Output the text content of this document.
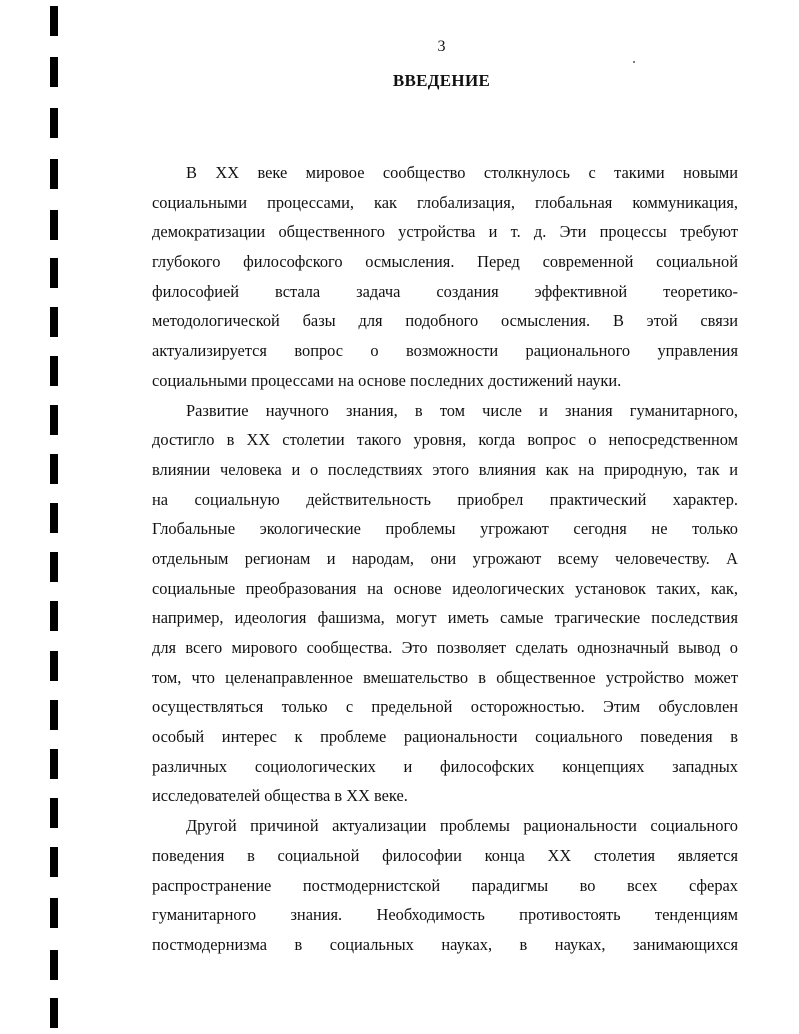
3
ВВЕДЕНИЕ
В XX веке мировое сообщество столкнулось с такими новыми
социальными процессами, как глобализация, глобальная коммуникация,
демократизации общественного устройства и т. д. Эти процессы требуют
глубокого философского осмысления. Перед современной социальной
философией встала задача создания эффективной теоретико-
методологической базы для подобного осмысления. В этой связи
актуализируется вопрос о возможности рационального управления
социальными процессами на основе последних достижений науки.
Развитие научного знания, в том числе и знания гуманитарного,
достигло в XX столетии такого уровня, когда вопрос о непосредственном
влиянии человека и о последствиях этого влияния как на природную, так и
на социальную действительность приобрел практический характер.
Глобальные экологические проблемы угрожают сегодня не только
отдельным регионам и народам, они угрожают всему человечеству. А
социальные преобразования на основе идеологических установок таких, как,
например, идеология фашизма, могут иметь самые трагические последствия
для всего мирового сообщества. Это позволяет сделать однозначный вывод о
том, что целенаправленное вмешательство в общественное устройство может
осуществляться только с предельной осторожностью. Этим обусловлен
особый интерес к проблеме рациональности социального поведения в
различных социологических и философских концепциях западных
исследователей общества в XX веке.
Другой причиной актуализации проблемы рациональности социального
поведения в социальной философии конца XX столетия является
распространение постмодернистской парадигмы во всех сферах
гуманитарного знания. Необходимость противостоять тенденциям
постмодернизма в социальных науках, в науках, занимающихся
